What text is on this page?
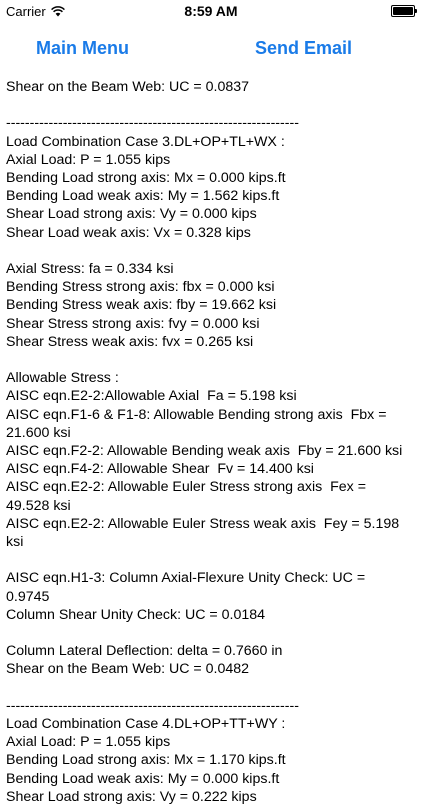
Carrier	8:59 AM
Main Menu	Send Email
Shear on the Beam Web: UC = 0.0837
--------------------------------------------------------------
Load Combination Case 3.DL+OP+TL+WX :
Axial Load: P = 1.055 kips
Bending Load strong axis: Mx = 0.000 kips.ft
Bending Load weak axis: My = 1.562 kips.ft
Shear Load strong axis: Vy = 0.000 kips
Shear Load weak axis: Vx = 0.328 kips
Axial Stress: fa = 0.334 ksi
Bending Stress strong axis: fbx = 0.000 ksi
Bending Stress weak axis: fby = 19.662 ksi
Shear Stress strong axis: fvy = 0.000 ksi
Shear Stress weak axis: fvx = 0.265 ksi
Allowable Stress :
AISC eqn.E2-2:Allowable Axial  Fa = 5.198 ksi
AISC eqn.F1-6 & F1-8: Allowable Bending strong axis  Fbx =
21.600 ksi
AISC eqn.F2-2: Allowable Bending weak axis  Fby = 21.600 ksi
AISC eqn.F4-2: Allowable Shear  Fv = 14.400 ksi
AISC eqn.E2-2: Allowable Euler Stress strong axis  Fex =
49.528 ksi
AISC eqn.E2-2: Allowable Euler Stress weak axis  Fey = 5.198
ksi
AISC eqn.H1-3: Column Axial-Flexure Unity Check: UC =
0.9745
Column Shear Unity Check: UC = 0.0184
Column Lateral Deflection: delta = 0.7660 in
Shear on the Beam Web: UC = 0.0482
--------------------------------------------------------------
Load Combination Case 4.DL+OP+TT+WY :
Axial Load: P = 1.055 kips
Bending Load strong axis: Mx = 1.170 kips.ft
Bending Load weak axis: My = 0.000 kips.ft
Shear Load strong axis: Vy = 0.222 kips
